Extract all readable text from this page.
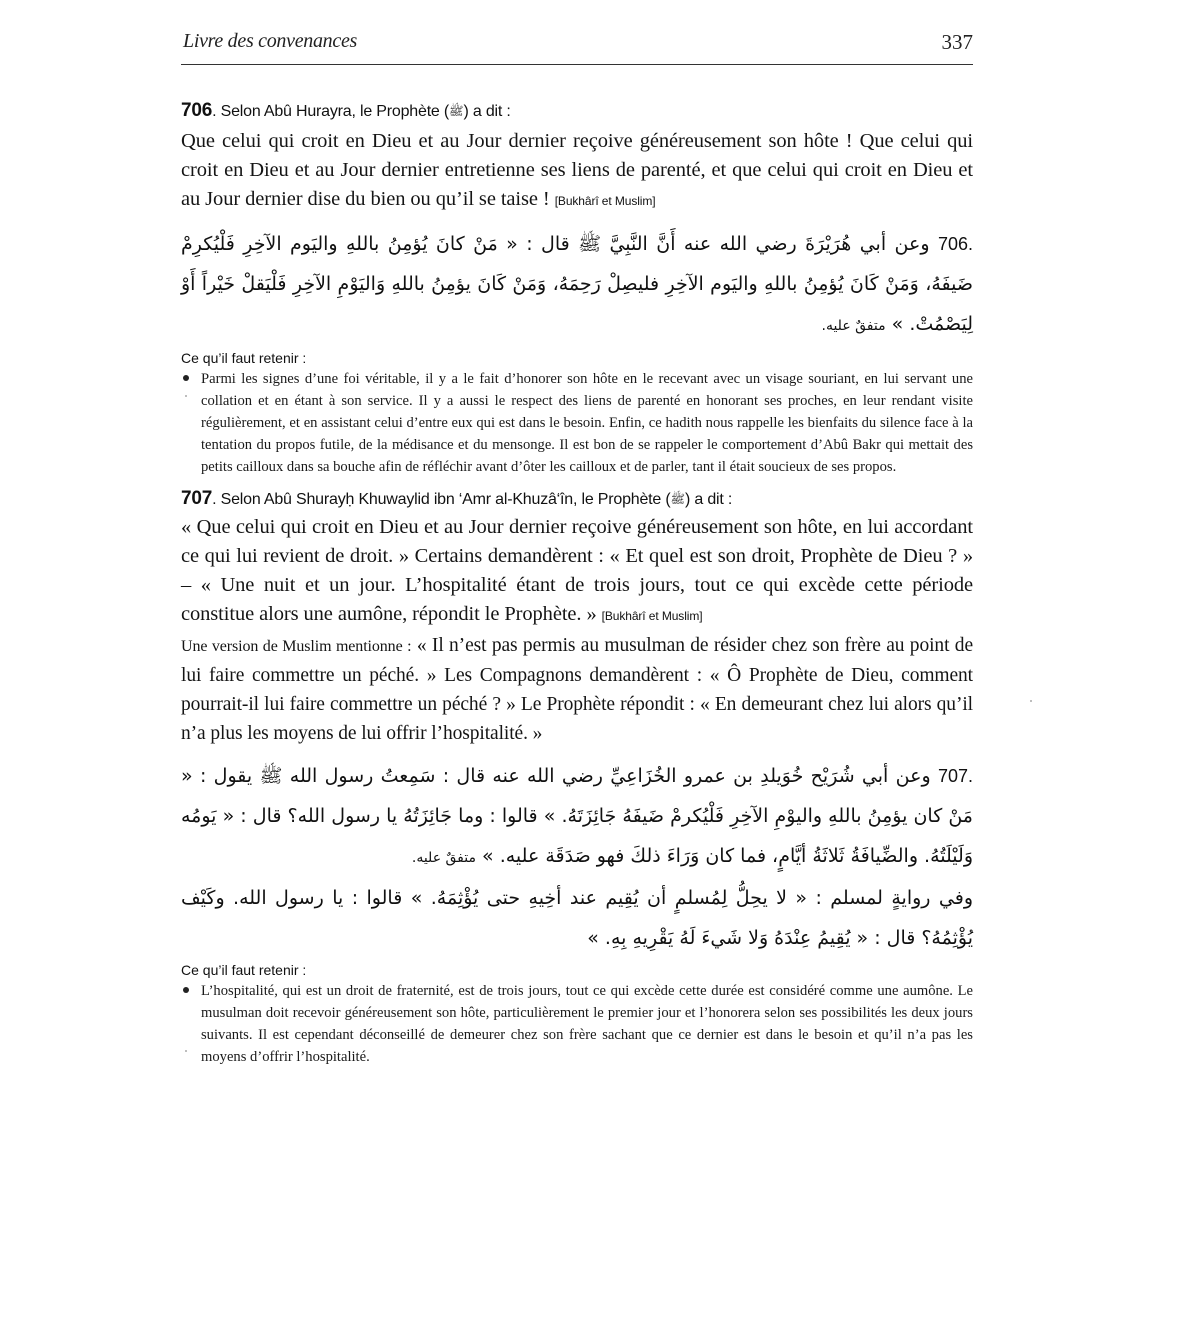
Livre des convenances	337
706. Selon Abû Hurayra, le Prophète (ﷺ) a dit :

Que celui qui croit en Dieu et au Jour dernier reçoive généreusement son hôte ! Que celui qui croit en Dieu et au Jour dernier entretienne ses liens de parenté, et que celui qui croit en Dieu et au Jour dernier dise du bien ou qu’il se taise ! [Bukhârî et Muslim]

706. وعن أبي هُرَيْرَةَ رضي الله عنه أَنَّ النَّبِيَّ ﷺ قال : « مَنْ كانَ يُؤمِنُ باللهِ واليَوم الآخِرِ فَلْيُكرِمْ ضَيفَهُ، وَمَنْ كَانَ يُؤمِنُ باللهِ واليَوم الآخِرِ فليصِلْ رَحِمَهُ، وَمَنْ كَانَ يؤمِنُ باللهِ وَاليَوْمِ الآخِرِ فَلْيَقلْ خَيْراً أَوْ لِيَصْمُتْ. » متفقٌ عليه.

Ce qu’il faut retenir :
Parmi les signes d’une foi véritable, il y a le fait d’honorer son hôte en le recevant avec un visage souriant, en lui servant une collation et en étant à son service. Il y a aussi le respect des liens de parenté en honorant ses proches, en leur rendant visite régulièrement, et en assistant celui d’entre eux qui est dans le besoin. Enfin, ce hadith nous rappelle les bienfaits du silence face à la tentation du propos futile, de la médisance et du mensonge. Il est bon de se rappeler le comportement d’Abû Bakr qui mettait des petits cailloux dans sa bouche afin de réfléchir avant d’ôter les cailloux et de parler, tant il était soucieux de ses propos.
707. Selon Abû Shurayḥ Khuwaylid ibn ‘Amr al-Khuzâ‘în, le Prophète (ﷺ) a dit :

« Que celui qui croit en Dieu et au Jour dernier reçoive généreusement son hôte, en lui accordant ce qui lui revient de droit. » Certains demandèrent : « Et quel est son droit, Prophète de Dieu ? » – « Une nuit et un jour. L’hospitalité étant de trois jours, tout ce qui excède cette période constitue alors une aumône, répondit le Prophète. » [Bukhârî et Muslim]

Une version de Muslim mentionne : « Il n’est pas permis au musulman de résider chez son frère au point de lui faire commettre un péché. » Les Compagnons demandèrent : « Ô Prophète de Dieu, comment pourrait-il lui faire commettre un péché ? » Le Prophète répondit : « En demeurant chez lui alors qu’il n’a plus les moyens de lui offrir l’hospitalité. »

707. وعن أبي شُرَيْح خُوَيلدِ بن عمرو الخُزَاعِيِّ رضي الله عنه قال : سَمِعتُ رسول الله ﷺ يقول : « مَنْ كان يؤمِنُ باللهِ واليوْمِ الآخِرِ فَلْيُكرمْ ضَيفَهُ جَائِزَتَهُ. » قالوا : وما جَائِزَتُهُ يا رسول الله؟ قال : « يَومُه وَلَيْلَتُهُ. والضِّيافَةُ ثَلاثَةُ أيَّامٍ، فما كان وَرَاءَ ذلكَ فهو صَدَقَة عليه. » متفقٌ عليه.

وفي روايةٍ لمسلم : « لا يحِلُّ لِمُسلمٍ أن يُقِيم عند أخِيهِ حتى يُؤْثِمَهُ. » قالوا : يا رسول الله. وكَيْف يُؤْثِمُهُ؟ قال : « يُقِيمُ عِنْدَهُ وَلا شَيءَ لَهُ يَقْرِيهِ بِهِ. »

Ce qu’il faut retenir :
L’hospitalité, qui est un droit de fraternité, est de trois jours, tout ce qui excède cette durée est considéré comme une aumône. Le musulman doit recevoir généreusement son hôte, particulièrement le premier jour et l’honorera selon ses possibilités les deux jours suivants. Il est cependant déconseillé de demeurer chez son frère sachant que ce dernier est dans le besoin et qu’il n’a pas les moyens d’offrir l’hospitalité.
